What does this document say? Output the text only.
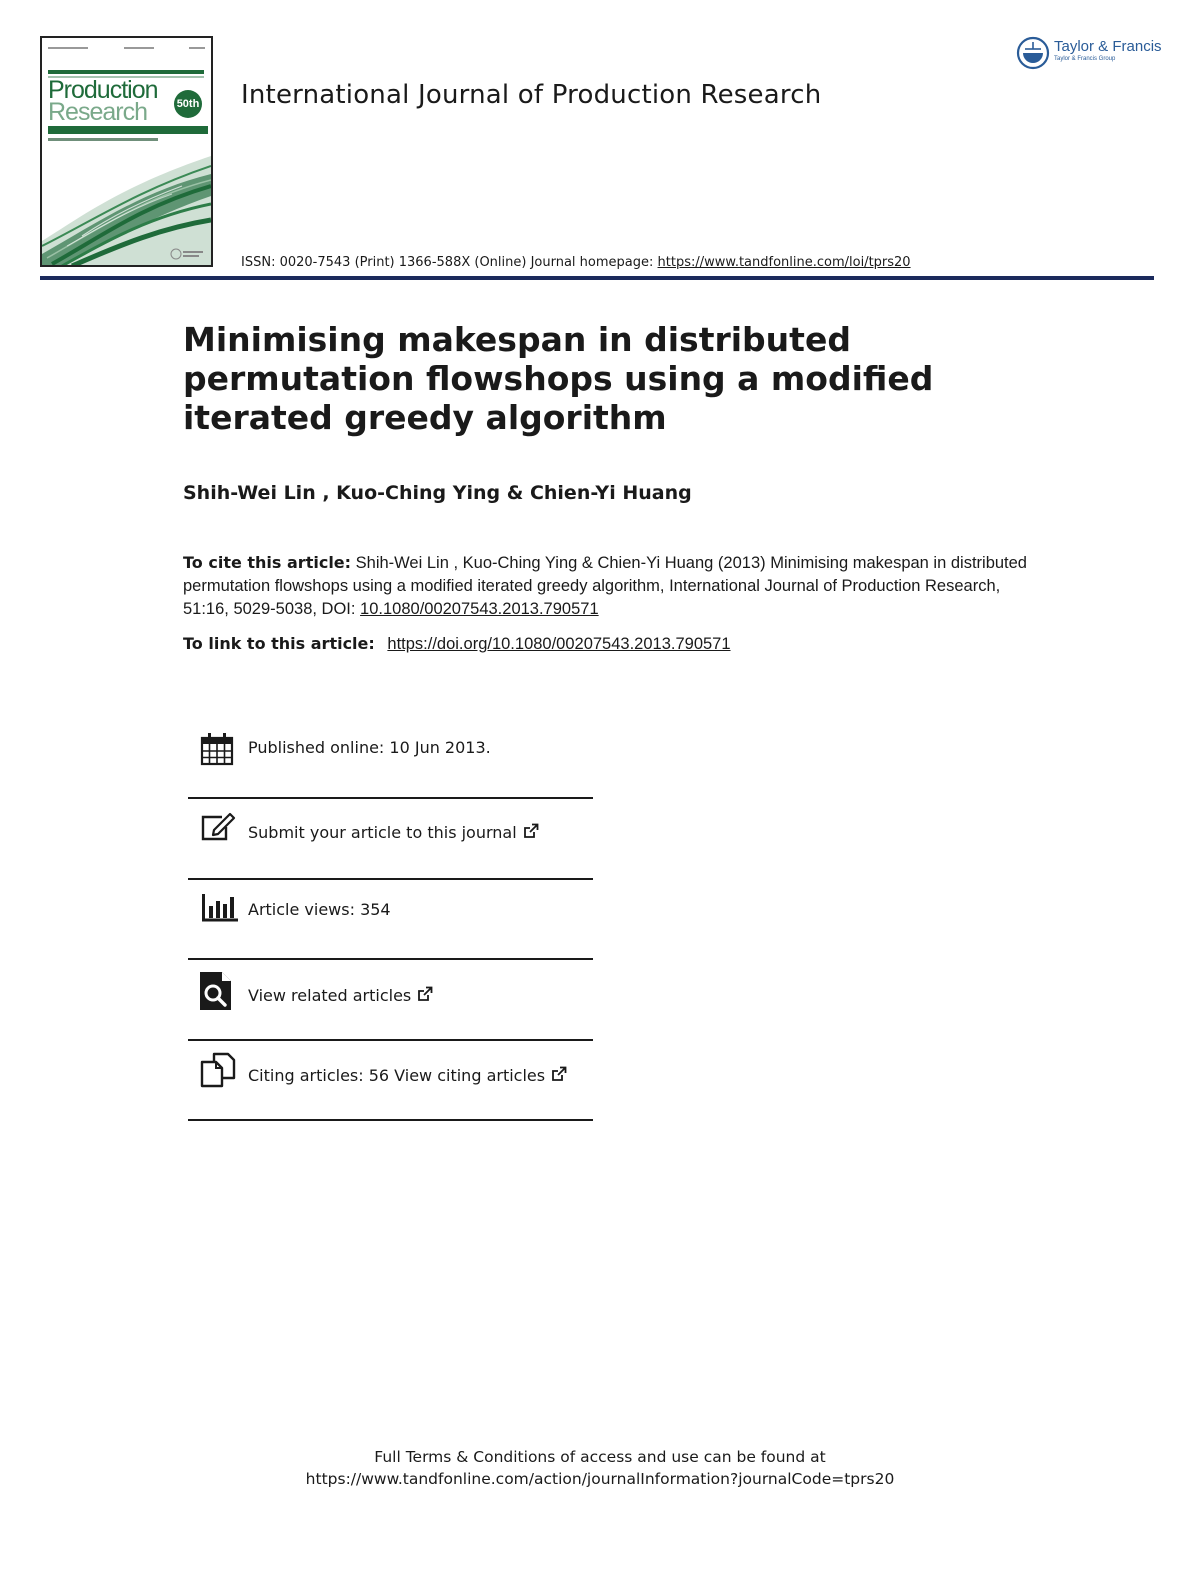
Production
Research	50th International Journal of Production Research
Taylor & Francis
Taylor & Francis Group
ISSN: 0020-7543 (Print) 1366-588X (Online) Journal homepage: https://www.tandfonline.com/loi/tprs20
Minimising makespan in distributed permutation flowshops using a modified iterated greedy algorithm
Shih-Wei Lin , Kuo-Ching Ying & Chien-Yi Huang
To cite this article: Shih-Wei Lin , Kuo-Ching Ying & Chien-Yi Huang (2013) Minimising makespan in distributed permutation flowshops using a modified iterated greedy algorithm, International Journal of Production Research, 51:16, 5029-5038, DOI: 10.1080/00207543.2013.790571
To link to this article: https://doi.org/10.1080/00207543.2013.790571
Published online: 10 Jun 2013.
Submit your article to this journal
Article views: 354
View related articles
Citing articles: 56 View citing articles
Full Terms & Conditions of access and use can be found at
https://www.tandfonline.com/action/journalInformation?journalCode=tprs20
